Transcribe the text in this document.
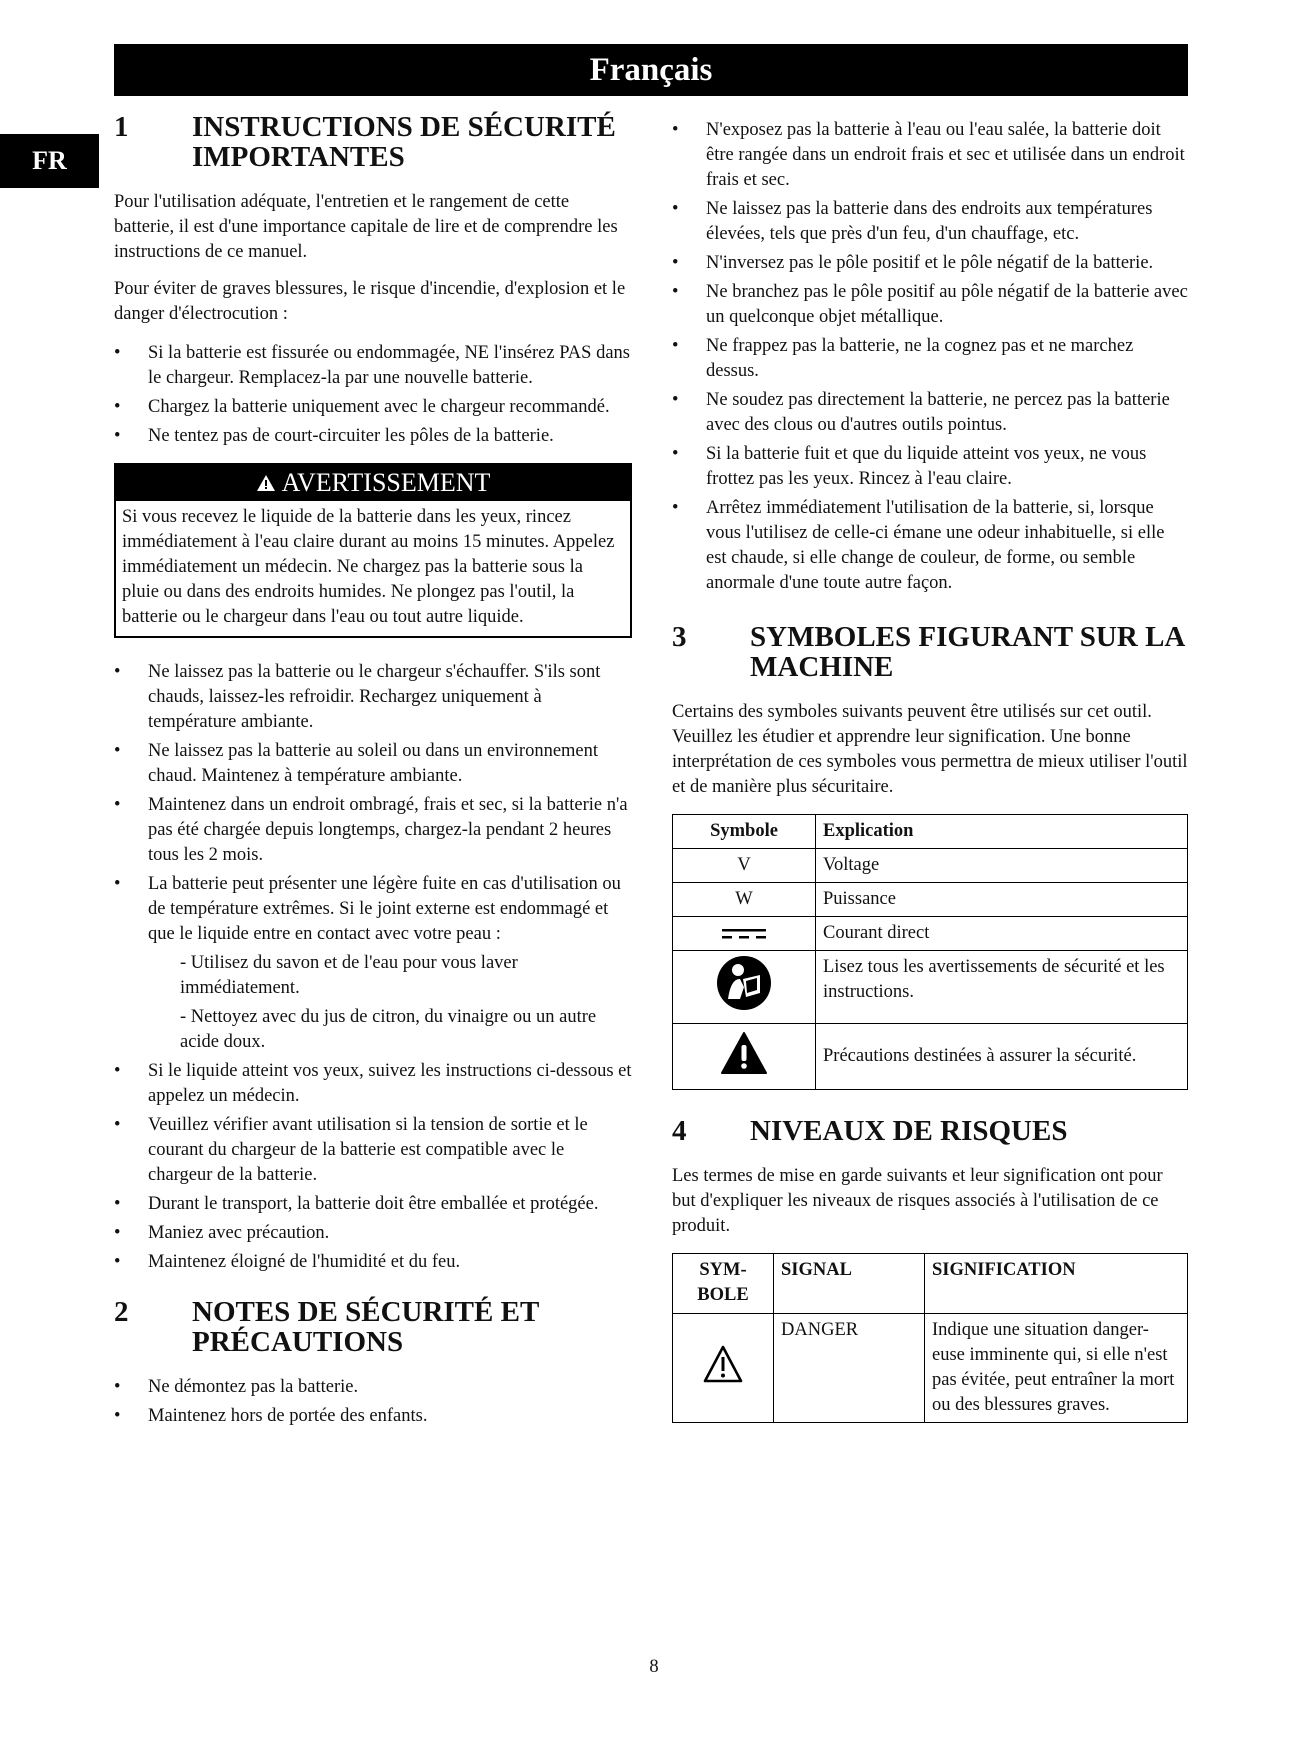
Français
FR
1	INSTRUCTIONS DE SÉCURITÉ IMPORTANTES

Pour l'utilisation adéquate, l'entretien et le rangement de cette batterie, il est d'une importance capitale de lire et de comprendre les instructions de ce manuel.

Pour éviter de graves blessures, le risque d'incendie, d'explosion et le danger d'électrocution :

• Si la batterie est fissurée ou endommagée, NE l'insérez PAS dans le chargeur. Remplacez-la par une nouvelle batterie.
• Chargez la batterie uniquement avec le chargeur recommandé.
• Ne tentez pas de court-circuiter les pôles de la batterie.
AVERTISSEMENT
Si vous recevez le liquide de la batterie dans les yeux, rincez immédiatement à l'eau claire durant au moins 15 minutes. Appelez immédiatement un médecin. Ne chargez pas la batterie sous la pluie ou dans des endroits humides. Ne plongez pas l'outil, la batterie ou le chargeur dans l'eau ou tout autre liquide.
• Ne laissez pas la batterie ou le chargeur s'échauffer. S'ils sont chauds, laissez-les refroidir. Rechargez uniquement à température ambiante.
• Ne laissez pas la batterie au soleil ou dans un environnement chaud. Maintenez à température ambiante.
• Maintenez dans un endroit ombragé, frais et sec, si la batterie n'a pas été chargée depuis longtemps, chargez-la pendant 2 heures tous les 2 mois.
• La batterie peut présenter une légère fuite en cas d'utilisation ou de température extrêmes. Si le joint externe est endommagé et que le liquide entre en contact avec votre peau :
- Utilisez du savon et de l'eau pour vous laver immédiatement.
- Nettoyez avec du jus de citron, du vinaigre ou un autre acide doux.
• Si le liquide atteint vos yeux, suivez les instructions ci-dessous et appelez un médecin.
• Veuillez vérifier avant utilisation si la tension de sortie et le courant du chargeur de la batterie est compatible avec le chargeur de la batterie.
• Durant le transport, la batterie doit être emballée et protégée.
• Maniez avec précaution.
• Maintenez éloigné de l'humidité et du feu.
2	NOTES DE SÉCURITÉ ET PRÉCAUTIONS
• Ne démontez pas la batterie.
• Maintenez hors de portée des enfants.
• N'exposez pas la batterie à l'eau ou l'eau salée, la batterie doit être rangée dans un endroit frais et sec et utilisée dans un endroit frais et sec.
• Ne laissez pas la batterie dans des endroits aux températures élevées, tels que près d'un feu, d'un chauffage, etc.
• N'inversez pas le pôle positif et le pôle négatif de la batterie.
• Ne branchez pas le pôle positif au pôle négatif de la batterie avec un quelconque objet métallique.
• Ne frappez pas la batterie, ne la cognez pas et ne marchez dessus.
• Ne soudez pas directement la batterie, ne percez pas la batterie avec des clous ou d'autres outils pointus.
• Si la batterie fuit et que du liquide atteint vos yeux, ne vous frottez pas les yeux. Rincez à l'eau claire.
• Arrêtez immédiatement l'utilisation de la batterie, si, lorsque vous l'utilisez de celle-ci émane une odeur inhabituelle, si elle est chaude, si elle change de couleur, de forme, ou semble anormale d'une toute autre façon.
3	SYMBOLES FIGURANT SUR LA MACHINE

Certains des symboles suivants peuvent être utilisés sur cet outil. Veuillez les étudier et apprendre leur signification. Une bonne interprétation de ces symboles vous permettra de mieux utiliser l'outil et de manière plus sécuritaire.

Symbole	Explication
V	Voltage
W	Puissance
	Courant direct
	Lisez tous les avertissements de sécurité et les instructions.
	Précautions destinées à assurer la sécurité.
4	NIVEAUX DE RISQUES

Les termes de mise en garde suivants et leur signification ont pour but d'expliquer les niveaux de risques associés à l'utilisation de ce produit.

SYM-
BOLE	SIGNAL	SIGNIFICATION
	DANGER	Indique une situation danger-euse imminente qui, si elle n'est pas évitée, peut entraîner la mort ou des blessures graves.
8
